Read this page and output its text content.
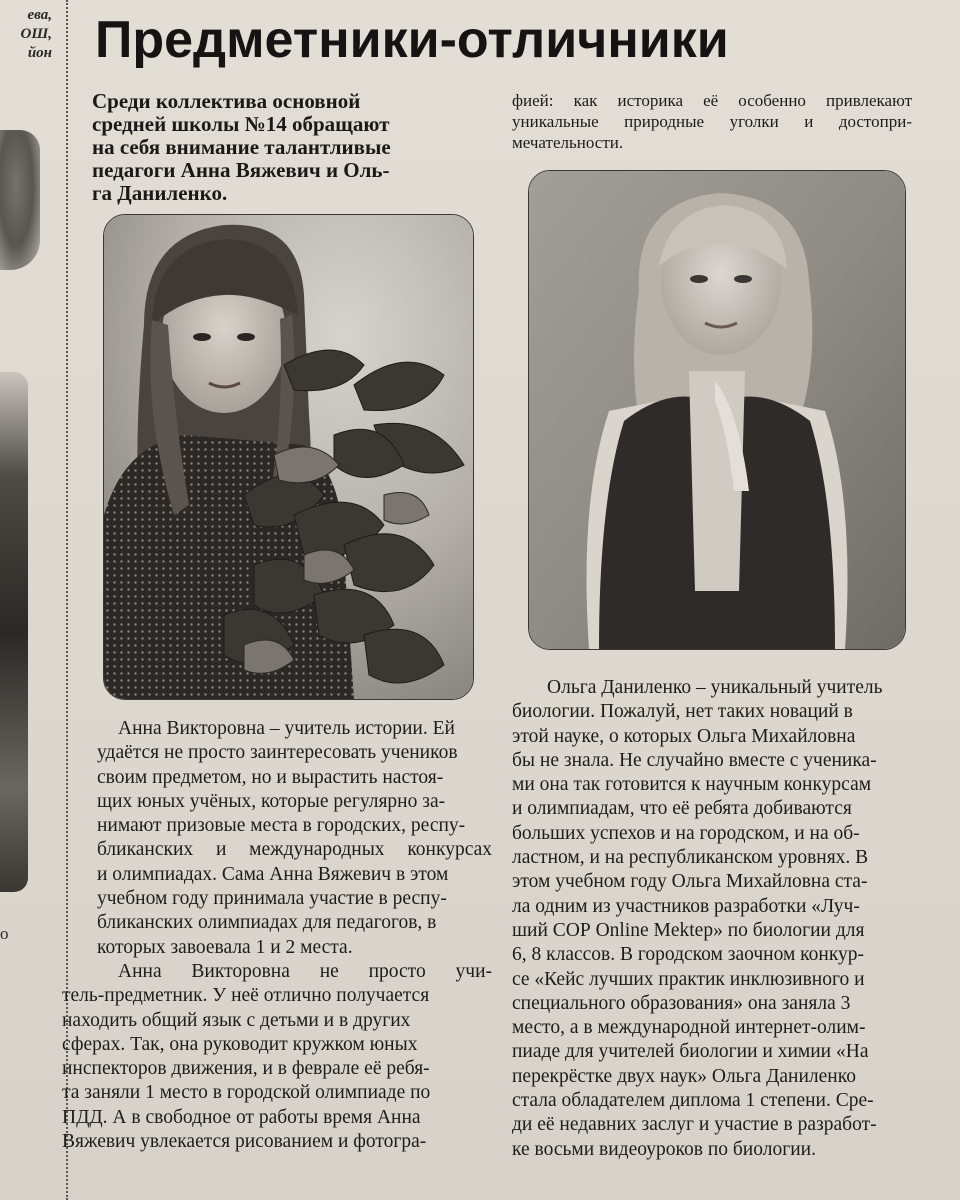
ева,
ОШ,
йон
о
Предметники-отличники
Среди коллектива основной
средней школы №14 обращают
на себя внимание талантливые
педагоги Анна Вяжевич и Оль-
га Даниленко.
фией: как историка её особенно привлекают
уникальные природные уголки и достопри-
мечательности.
Анна Викторовна – учитель истории. Ей
удаётся не просто заинтересовать учеников
своим предметом, но и вырастить настоя-
щих юных учёных, которые регулярно за-
нимают призовые места в городских, респу-
бликанских и международных конкурсах
и олимпиадах. Сама Анна Вяжевич в этом
учебном году принимала участие в респу-
бликанских олимпиадах для педагогов, в
которых завоевала 1 и 2 места.
Анна Викторовна не просто учи-
тель-предметник. У неё отлично получается
находить общий язык с детьми и в других
сферах. Так, она руководит кружком юных
инспекторов движения, и в феврале её ребя-
та заняли 1 место в городской олимпиаде по
ПДД. А в свободное от работы время Анна
Вяжевич увлекается рисованием и фотогра-
Ольга Даниленко – уникальный учитель
биологии. Пожалуй, нет таких новаций в
этой науке, о которых Ольга Михайловна
бы не знала. Не случайно вместе с ученика-
ми она так готовится к научным конкурсам
и олимпиадам, что её ребята добиваются
больших успехов и на городском, и на об-
ластном, и на республиканском уровнях. В
этом учебном году Ольга Михайловна ста-
ла одним из участников разработки «Луч-
ший СОР Online Mektep» по биологии для
6, 8 классов. В городском заочном конкур-
се «Кейс лучших практик инклюзивного и
специального образования» она заняла 3
место, а в международной интернет-олим-
пиаде для учителей биологии и химии «На
перекрёстке двух наук» Ольга Даниленко
стала обладателем диплома 1 степени. Сре-
ди её недавних заслуг и участие в разработ-
ке восьми видеоуроков по биологии.
